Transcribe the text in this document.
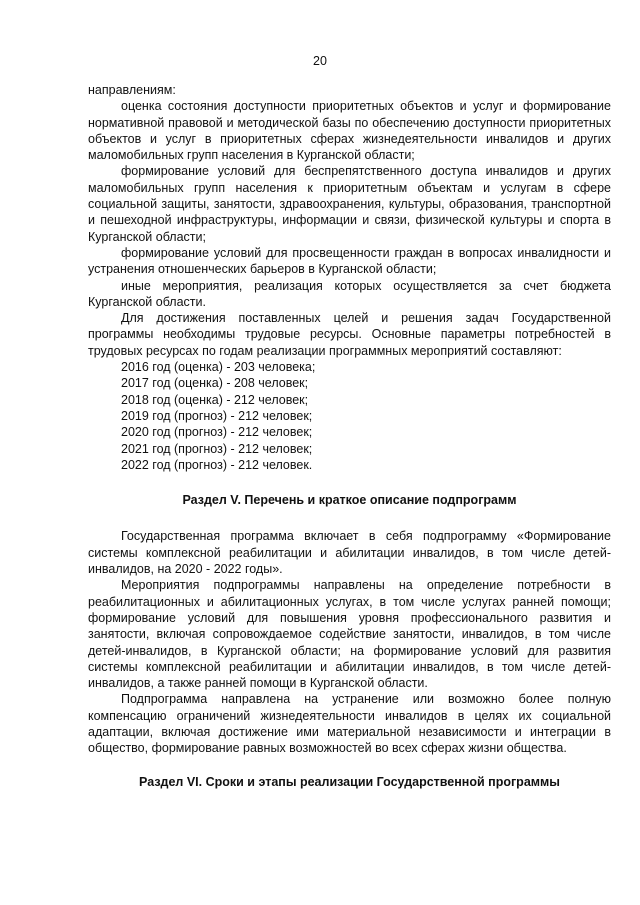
20

направлениям:

оценка состояния доступности приоритетных объектов и услуг и формирование нормативной правовой и методической базы по обеспечению доступности приоритетных объектов и услуг в приоритетных сферах жизнедеятельности инвалидов и других маломобильных групп населения в Курганской области;

формирование условий для беспрепятственного доступа инвалидов и других маломобильных групп населения к приоритетным объектам и услугам в сфере социальной защиты, занятости, здравоохранения, культуры, образования, транспортной и пешеходной инфраструктуры, информации и связи, физической культуры и спорта в Курганской области;

формирование условий для просвещенности граждан в вопросах инвалидности и устранения отношенческих барьеров в Курганской области;

иные мероприятия, реализация которых осуществляется за счет бюджета Курганской области.

Для достижения поставленных целей и решения задач Государственной программы необходимы трудовые ресурсы. Основные параметры потребностей в трудовых ресурсах по годам реализации программных мероприятий составляют:

2016 год (оценка) - 203 человека;
2017 год (оценка) - 208 человек;
2018 год (оценка) - 212 человек;
2019 год (прогноз) - 212 человек;
2020 год (прогноз) - 212 человек;
2021 год (прогноз) - 212 человек;
2022 год (прогноз) - 212 человек.
Раздел V. Перечень и краткое описание подпрограмм

Государственная программа включает в себя подпрограмму «Формирование системы комплексной реабилитации и абилитации инвалидов, в том числе детей-инвалидов, на 2020 - 2022 годы».

Мероприятия подпрограммы направлены на определение потребности в реабилитационных и абилитационных услугах, в том числе услугах ранней помощи; формирование условий для повышения уровня профессионального развития и занятости, включая сопровождаемое содействие занятости, инвалидов, в том числе детей-инвалидов, в Курганской области; на формирование условий для развития системы комплексной реабилитации и абилитации инвалидов, в том числе детей-инвалидов, а также ранней помощи в Курганской области.

Подпрограмма направлена на устранение или возможно более полную компенсацию ограничений жизнедеятельности инвалидов в целях их социальной адаптации, включая достижение ими материальной независимости и интеграции в общество, формирование равных возможностей во всех сферах жизни общества.

Раздел VI. Сроки и этапы реализации Государственной программы
